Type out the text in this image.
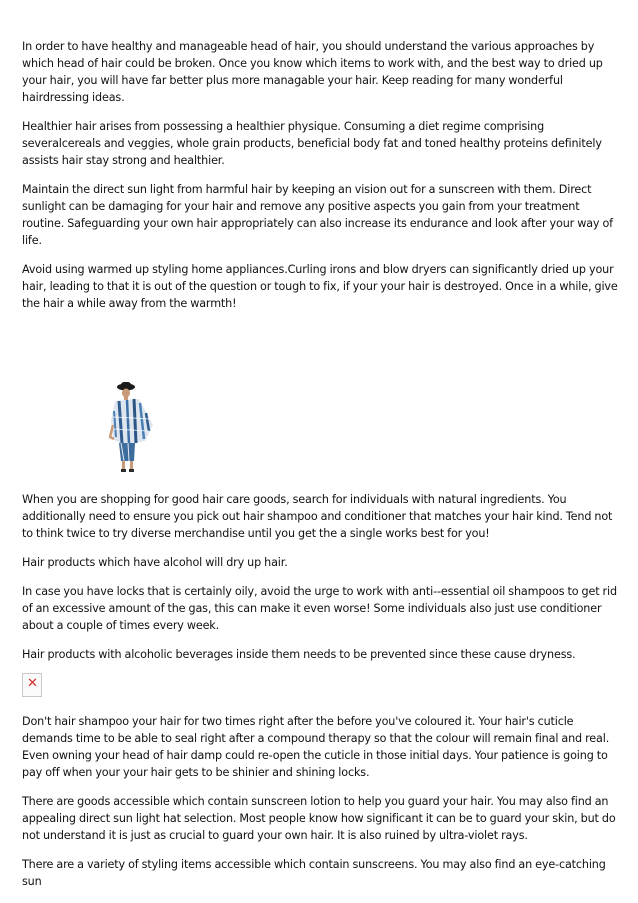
In order to have healthy and manageable head of hair, you should understand the various approaches by which head of hair could be broken. Once you know which items to work with, and the best way to dried up your hair, you will have far better plus more managable your hair. Keep reading for many wonderful hairdressing ideas.

Healthier hair arises from possessing a healthier physique. Consuming a diet regime comprising severalcereals and veggies, whole grain products, beneficial body fat and toned healthy proteins definitely assists hair stay strong and healthier.

Maintain the direct sun light from harmful hair by keeping an vision out for a sunscreen with them. Direct sunlight can be damaging for your hair and remove any positive aspects you gain from your treatment routine. Safeguarding your own hair appropriately can also increase its endurance and look after your way of life.

Avoid using warmed up styling home appliances.Curling irons and blow dryers can significantly dried up your hair, leading to that it is out of the question or tough to fix, if your your hair is destroyed. Once in a while, give the hair a while away from the warmth!

When you are shopping for good hair care goods, search for individuals with natural ingredients. You additionally need to ensure you pick out hair shampoo and conditioner that matches your hair kind. Tend not to think twice to try diverse merchandise until you get the a single works best for you!

Hair products which have alcohol will dry up hair.

In case you have locks that is certainly oily, avoid the urge to work with anti--essential oil shampoos to get rid of an excessive amount of the gas, this can make it even worse! Some individuals also just use conditioner about a couple of times every week.

Hair products with alcoholic beverages inside them needs to be prevented since these cause dryness.

✕

Don't hair shampoo your hair for two times right after the before you've coloured it. Your hair's cuticle demands time to be able to seal right after a compound therapy so that the colour will remain final and real. Even owning your head of hair damp could re-open the cuticle in those initial days. Your patience is going to pay off when your your hair gets to be shinier and shining locks.

There are goods accessible which contain sunscreen lotion to help you guard your hair. You may also find an appealing direct sun light hat selection. Most people know how significant it can be to guard your skin, but do not understand it is just as crucial to guard your own hair. It is also ruined by ultra-violet rays.

There are a variety of styling items accessible which contain sunscreens. You may also find an eye-catching sun
